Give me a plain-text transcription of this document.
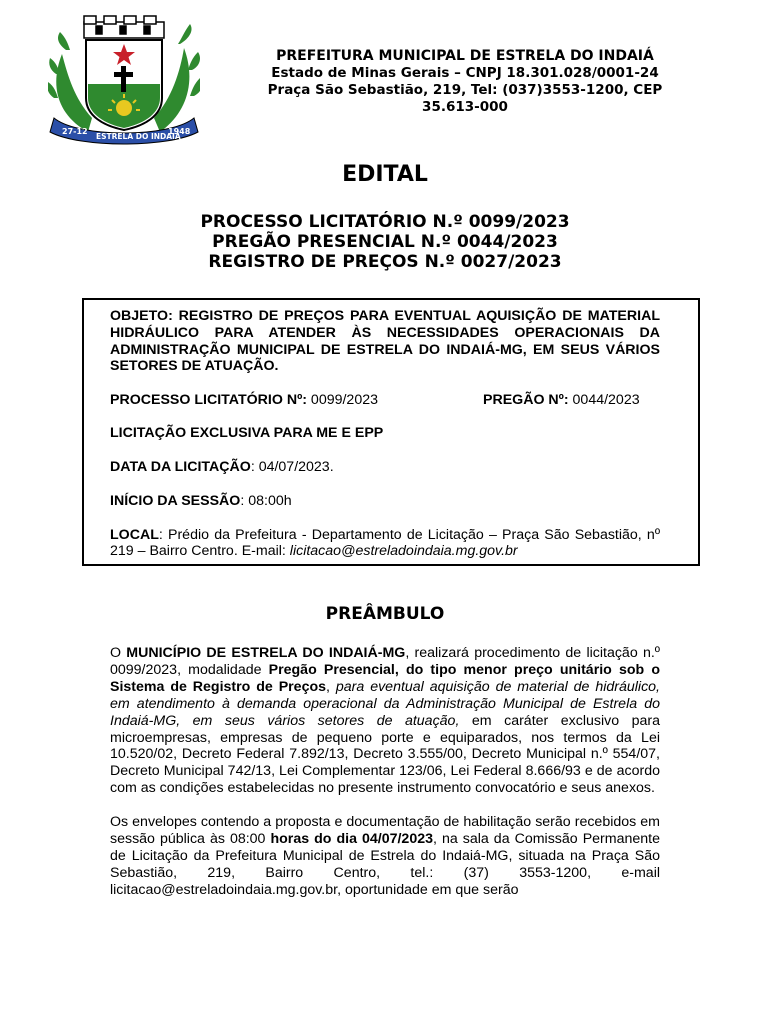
27-12
ESTRELA DO INDAIÁ
1948
PREFEITURA MUNICIPAL DE ESTRELA DO INDAIÁ
Estado de Minas Gerais – CNPJ 18.301.028/0001-24
Praça São Sebastião, 219, Tel: (037)3553-1200, CEP
35.613-000
EDITAL
PROCESSO LICITATÓRIO N.º 0099/2023
PREGÃO PRESENCIAL N.º 0044/2023
REGISTRO DE PREÇOS N.º 0027/2023
OBJETO: REGISTRO DE PREÇOS PARA EVENTUAL AQUISIÇÃO DE MATERIAL HIDRÁULICO PARA ATENDER ÀS NECESSIDADES OPERACIONAIS DA ADMINISTRAÇÃO MUNICIPAL DE ESTRELA DO INDAIÁ-MG, EM SEUS VÁRIOS SETORES DE ATUAÇÃO.
PROCESSO LICITATÓRIO Nº: 0099/2023	PREGÃO Nº: 0044/2023
LICITAÇÃO EXCLUSIVA PARA ME E EPP
DATA DA LICITAÇÃO: 04/07/2023.
INÍCIO DA SESSÃO: 08:00h
LOCAL: Prédio da Prefeitura - Departamento de Licitação – Praça São Sebastião, nº 219 – Bairro Centro. E-mail: licitacao@estreladoindaia.mg.gov.br
PREÂMBULO

O MUNICÍPIO DE ESTRELA DO INDAIÁ-MG, realizará procedimento de licitação n.º 0099/2023, modalidade Pregão Presencial, do tipo menor preço unitário sob o Sistema de Registro de Preços, para eventual aquisição de material de hidráulico, em atendimento à demanda operacional da Administração Municipal de Estrela do Indaiá-MG, em seus vários setores de atuação, em caráter exclusivo para microempresas, empresas de pequeno porte e equiparados, nos termos da Lei 10.520/02, Decreto Federal 7.892/13, Decreto 3.555/00, Decreto Municipal n.º 554/07, Decreto Municipal 742/13, Lei Complementar 123/06, Lei Federal 8.666/93 e de acordo com as condições estabelecidas no presente instrumento convocatório e seus anexos.

Os envelopes contendo a proposta e documentação de habilitação serão recebidos em sessão pública às 08:00 horas do dia 04/07/2023, na sala da Comissão Permanente de Licitação da Prefeitura Municipal de Estrela do Indaiá-MG, situada na Praça São Sebastião, 219, Bairro Centro, tel.: (37) 3553-1200, e-mail licitacao@estreladoindaia.mg.gov.br, oportunidade em que serão
